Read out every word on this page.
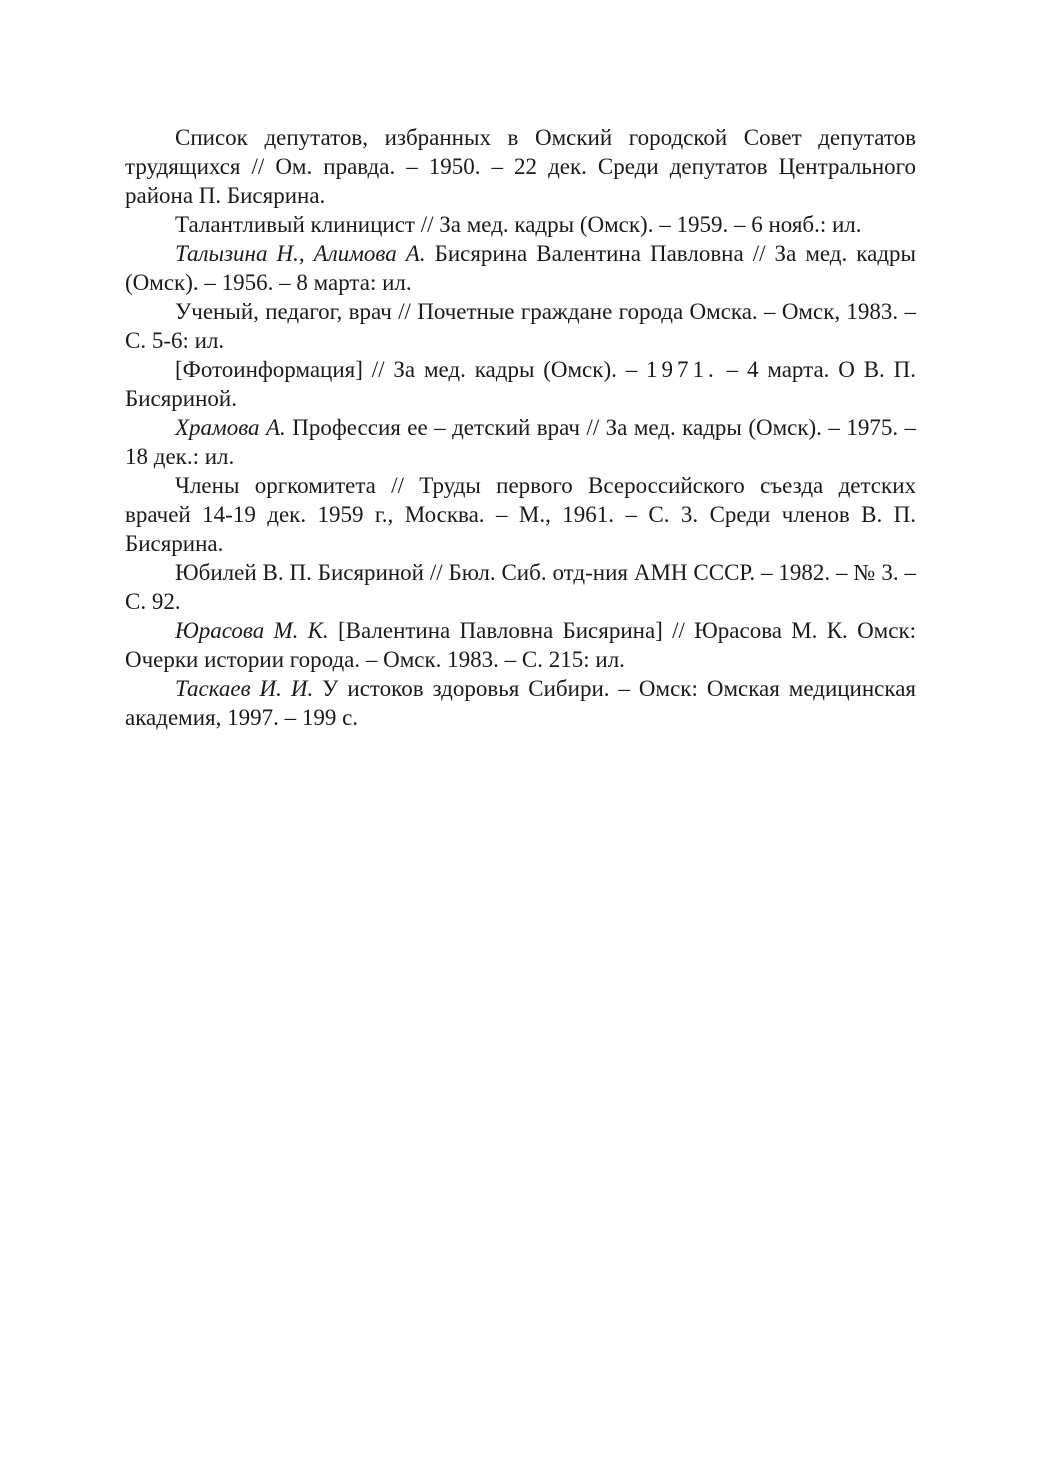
Список депутатов, избранных в Омский городской Совет депутатов трудящихся // Ом. правда. – 1950. – 22 дек. Среди депутатов Центрального района П. Бисярина.

Талантливый клиницист // За мед. кадры (Омск). – 1959. – 6 нояб.: ил.

Талызина Н., Алимова А. Бисярина Валентина Павловна // За мед. кадры (Омск). – 1956. – 8 марта: ил.

Ученый, педагог, врач // Почетные граждане города Омска. – Омск, 1983. – С. 5-6: ил.

[Фотоинформация] // За мед. кадры (Омск). – 1971. – 4 марта. О В. П. Бисяриной.

Храмова А. Профессия ее – детский врач // За мед. кадры (Омск). – 1975. – 18 дек.: ил.

Члены оргкомитета // Труды первого Всероссийского съезда детских врачей 14-19 дек. 1959 г., Москва. – М., 1961. – С. 3. Среди членов В. П. Бисярина.

Юбилей В. П. Бисяриной // Бюл. Сиб. отд-ния АМН СССР. – 1982. – № 3. – С. 92.

Юрасова М. К. [Валентина Павловна Бисярина] // Юрасова М. К. Омск: Очерки истории города. – Омск. 1983. – С. 215: ил.

Таскаев И. И. У истоков здоровья Сибири. – Омск: Омская медицинская академия, 1997. – 199 с.
